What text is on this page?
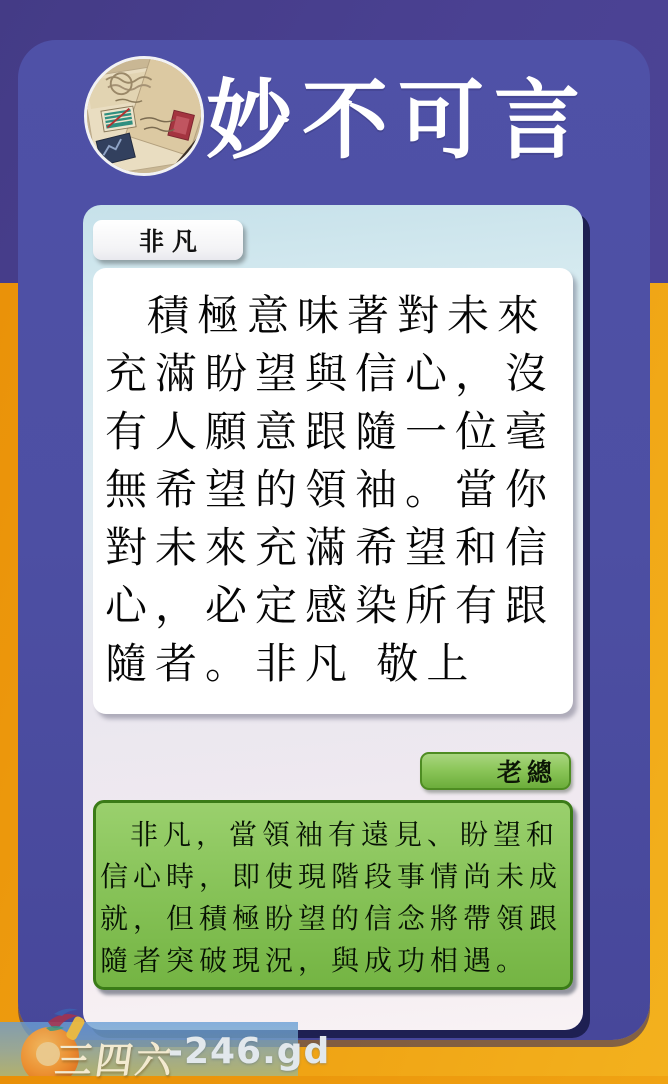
妙不可言
非凡
積極意味著對未來充滿盼望與信心，沒有人願意跟隨一位毫無希望的領袖。當你對未來充滿希望和信心，必定感染所有跟隨者。非凡 敬上
老總
非凡，當領袖有遠見、盼望和信心時，即使現階段事情尚未成就，但積極盼望的信念將帶領跟隨者突破現況，與成功相遇。
三四六
-246.gd
